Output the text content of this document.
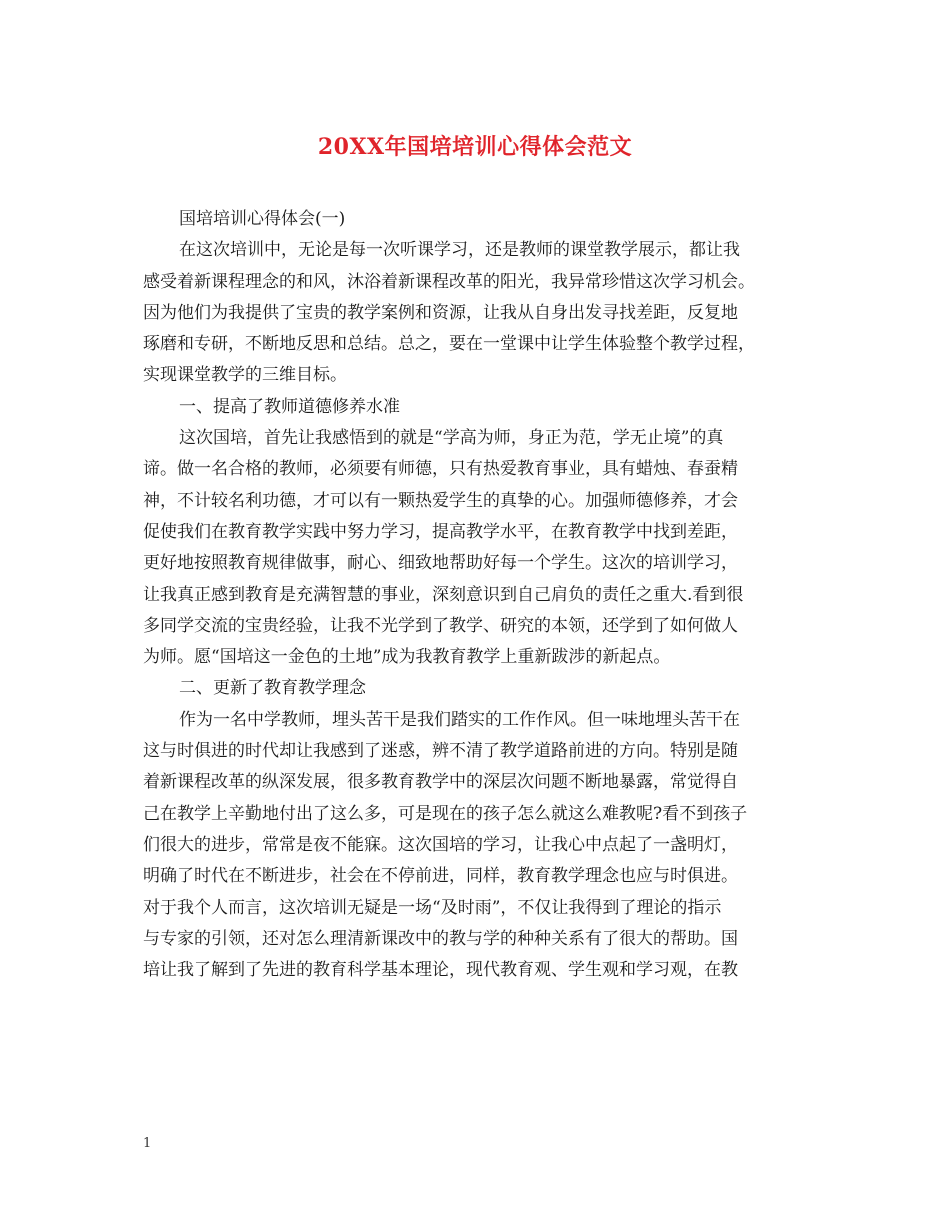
20XX年国培培训心得体会范文
国培培训心得体会(一)
在这次培训中，无论是每一次听课学习，还是教师的课堂教学展示，都让我
感受着新课程理念的和风，沐浴着新课程改革的阳光，我异常珍惜这次学习机会。
因为他们为我提供了宝贵的教学案例和资源，让我从自身出发寻找差距，反复地
琢磨和专研，不断地反思和总结。总之，要在一堂课中让学生体验整个教学过程，
实现课堂教学的三维目标。
一、提高了教师道德修养水准
这次国培，首先让我感悟到的就是“学高为师，身正为范，学无止境”的真
谛。做一名合格的教师，必须要有师德，只有热爱教育事业，具有蜡烛、春蚕精
神，不计较名利功德，才可以有一颗热爱学生的真挚的心。加强师德修养，才会
促使我们在教育教学实践中努力学习，提高教学水平，在教育教学中找到差距，
更好地按照教育规律做事，耐心、细致地帮助好每一个学生。这次的培训学习，
让我真正感到教育是充满智慧的事业，深刻意识到自己肩负的责任之重大.看到很
多同学交流的宝贵经验，让我不光学到了教学、研究的本领，还学到了如何做人
为师。愿“国培这一金色的土地”成为我教育教学上重新跋涉的新起点。
二、更新了教育教学理念
作为一名中学教师，埋头苦干是我们踏实的工作作风。但一味地埋头苦干在
这与时俱进的时代却让我感到了迷惑，辨不清了教学道路前进的方向。特别是随
着新课程改革的纵深发展，很多教育教学中的深层次问题不断地暴露，常觉得自
己在教学上辛勤地付出了这么多，可是现在的孩子怎么就这么难教呢?看不到孩子
们很大的进步，常常是夜不能寐。这次国培的学习，让我心中点起了一盏明灯，
明确了时代在不断进步，社会在不停前进，同样，教育教学理念也应与时俱进。
对于我个人而言，这次培训无疑是一场“及时雨”，不仅让我得到了理论的指示
与专家的引领，还对怎么理清新课改中的教与学的种种关系有了很大的帮助。国
培让我了解到了先进的教育科学基本理论，现代教育观、学生观和学习观，在教

1
